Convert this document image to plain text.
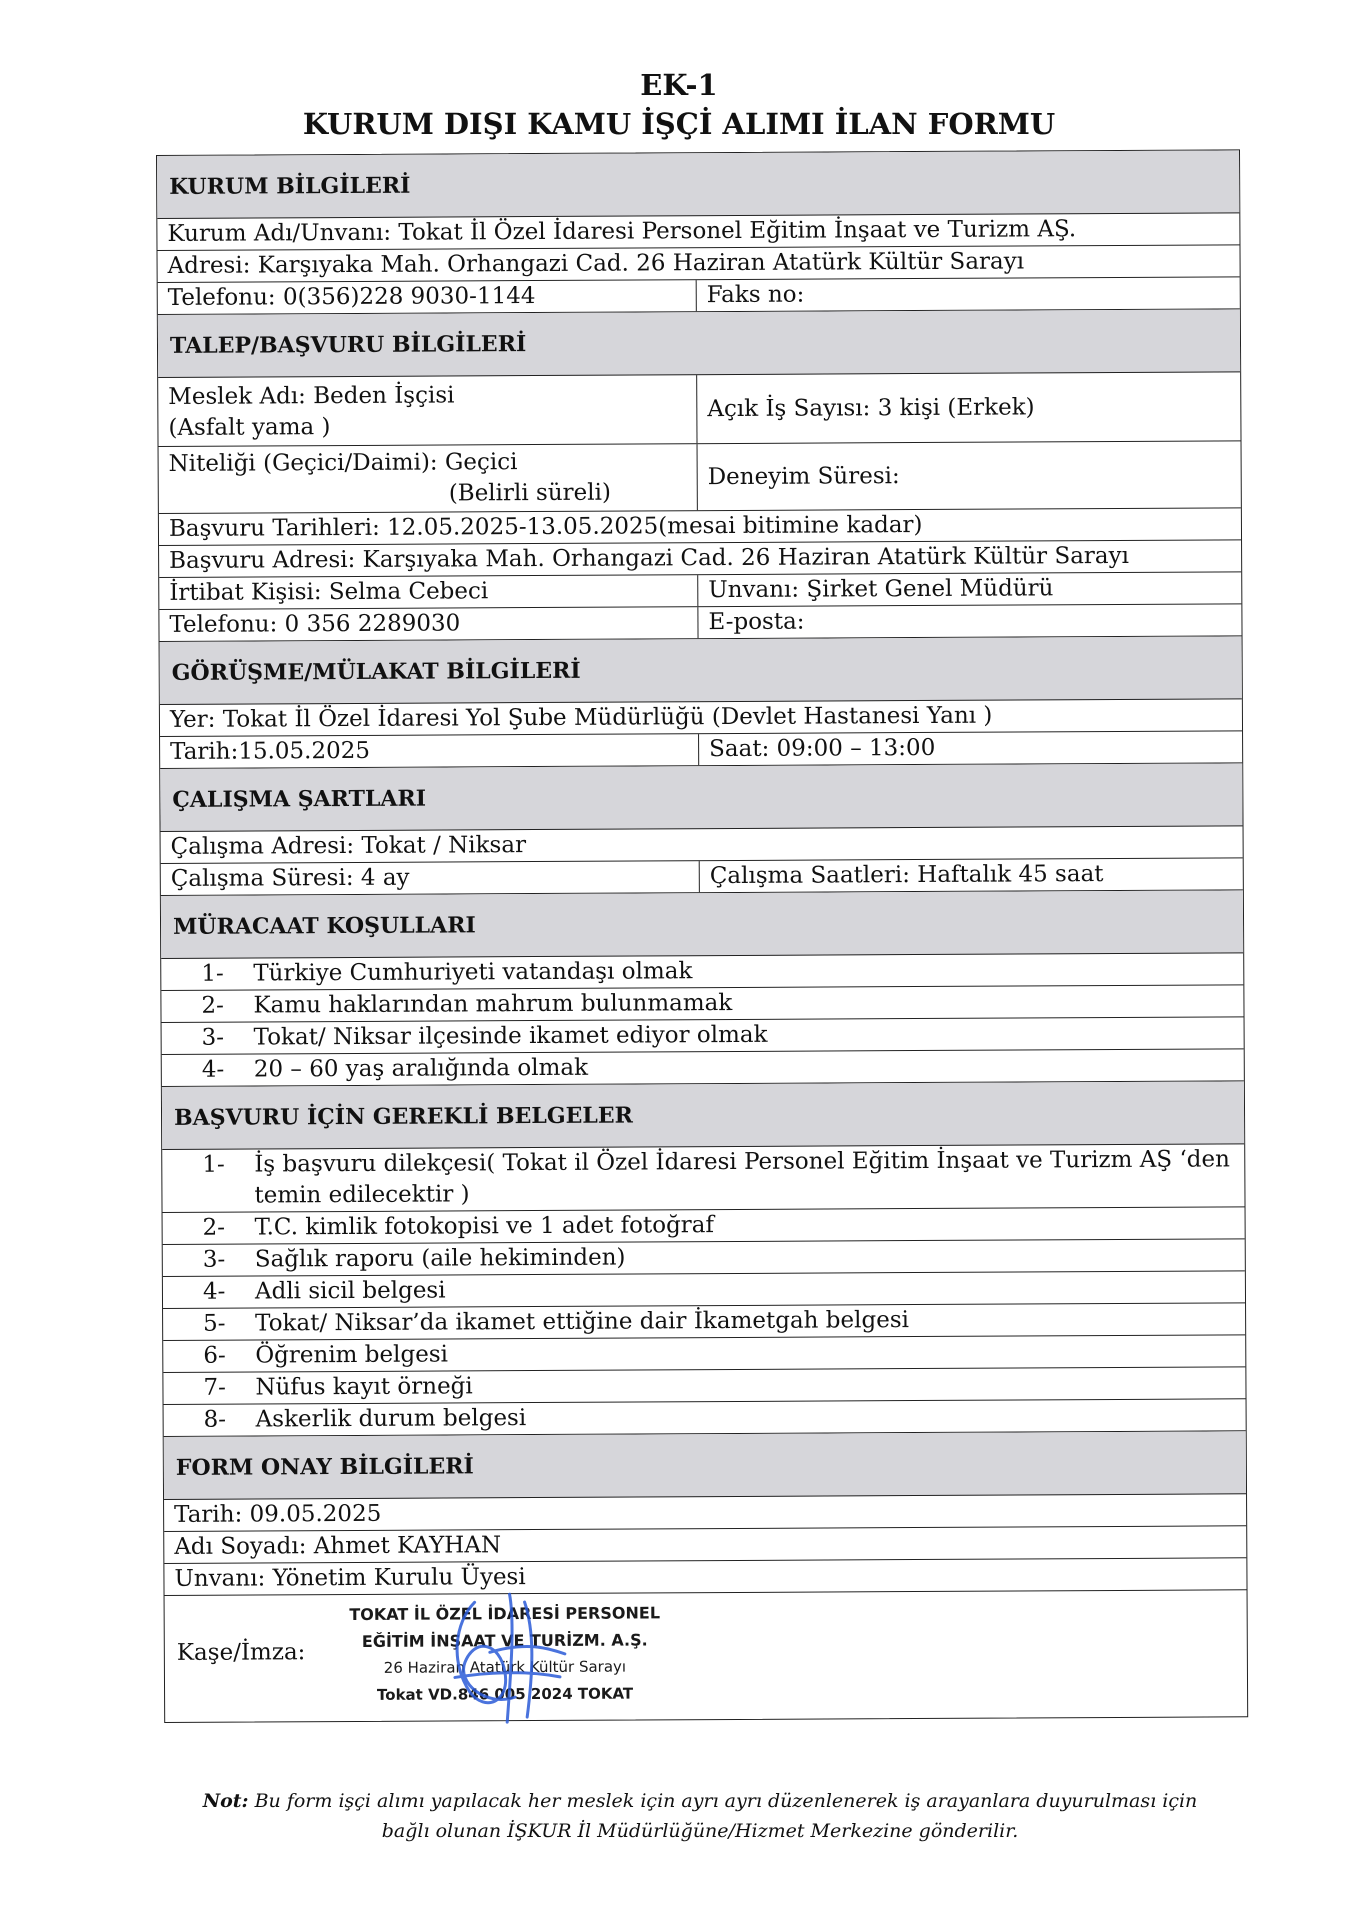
EK-1
KURUM DIŞI KAMU İŞÇİ ALIMI İLAN FORMU
KURUM BİLGİLERİ
Kurum Adı/Unvanı: Tokat İl Özel İdaresi Personel Eğitim İnşaat ve Turizm AŞ.
Adresi: Karşıyaka Mah. Orhangazi Cad. 26 Haziran Atatürk Kültür Sarayı
Telefonu: 0(356)228 9030-1144	Faks no:
TALEP/BAŞVURU BİLGİLERİ
Meslek Adı: Beden İşçisi
(Asfalt yama )
Açık İş Sayısı: 3 kişi (Erkek)
Niteliği (Geçici/Daimi): Geçici
(Belirli süreli)
Deneyim Süresi:
Başvuru Tarihleri: 12.05.2025-13.05.2025(mesai bitimine kadar)
Başvuru Adresi: Karşıyaka Mah. Orhangazi Cad. 26 Haziran Atatürk Kültür Sarayı
İrtibat Kişisi: Selma Cebeci	Unvanı: Şirket Genel Müdürü
Telefonu: 0 356 2289030	E-posta:
GÖRÜŞME/MÜLAKAT BİLGİLERİ
Yer: Tokat İl Özel İdaresi Yol Şube Müdürlüğü (Devlet Hastanesi Yanı )
Tarih:15.05.2025	Saat: 09:00 – 13:00
ÇALIŞMA ŞARTLARI
Çalışma Adresi: Tokat / Niksar
Çalışma Süresi: 4 ay	Çalışma Saatleri: Haftalık 45 saat
MÜRACAAT KOŞULLARI
1-	Türkiye Cumhuriyeti vatandaşı olmak
2-	Kamu haklarından mahrum bulunmamak
3-	Tokat/ Niksar ilçesinde ikamet ediyor olmak
4-	20 – 60 yaş aralığında olmak
BAŞVURU İÇİN GEREKLİ BELGELER
1-	İş başvuru dilekçesi( Tokat il Özel İdaresi Personel Eğitim İnşaat ve Turizm AŞ ‘den temin edilecektir )
2-	T.C. kimlik fotokopisi ve 1 adet fotoğraf
3-	Sağlık raporu (aile hekiminden)
4-	Adli sicil belgesi
5-	Tokat/ Niksar’da ikamet ettiğine dair İkametgah belgesi
6-	Öğrenim belgesi
7-	Nüfus kayıt örneği
8-	Askerlik durum belgesi
FORM ONAY BİLGİLERİ
Tarih: 09.05.2025
Adı Soyadı: Ahmet KAYHAN
Unvanı: Yönetim Kurulu Üyesi
Kaşe/İmza:
TOKAT İL ÖZEL İDARESİ PERSONEL
EĞİTİM İNŞAAT VE TURİZM. A.Ş.
26 Haziran Atatürk Kültür Sarayı
Tokat VD.846 005 2024 TOKAT
Not: Bu form işçi alımı yapılacak her meslek için ayrı ayrı düzenlenerek iş arayanlara duyurulması için bağlı olunan İŞKUR İl Müdürlüğüne/Hizmet Merkezine gönderilir.
